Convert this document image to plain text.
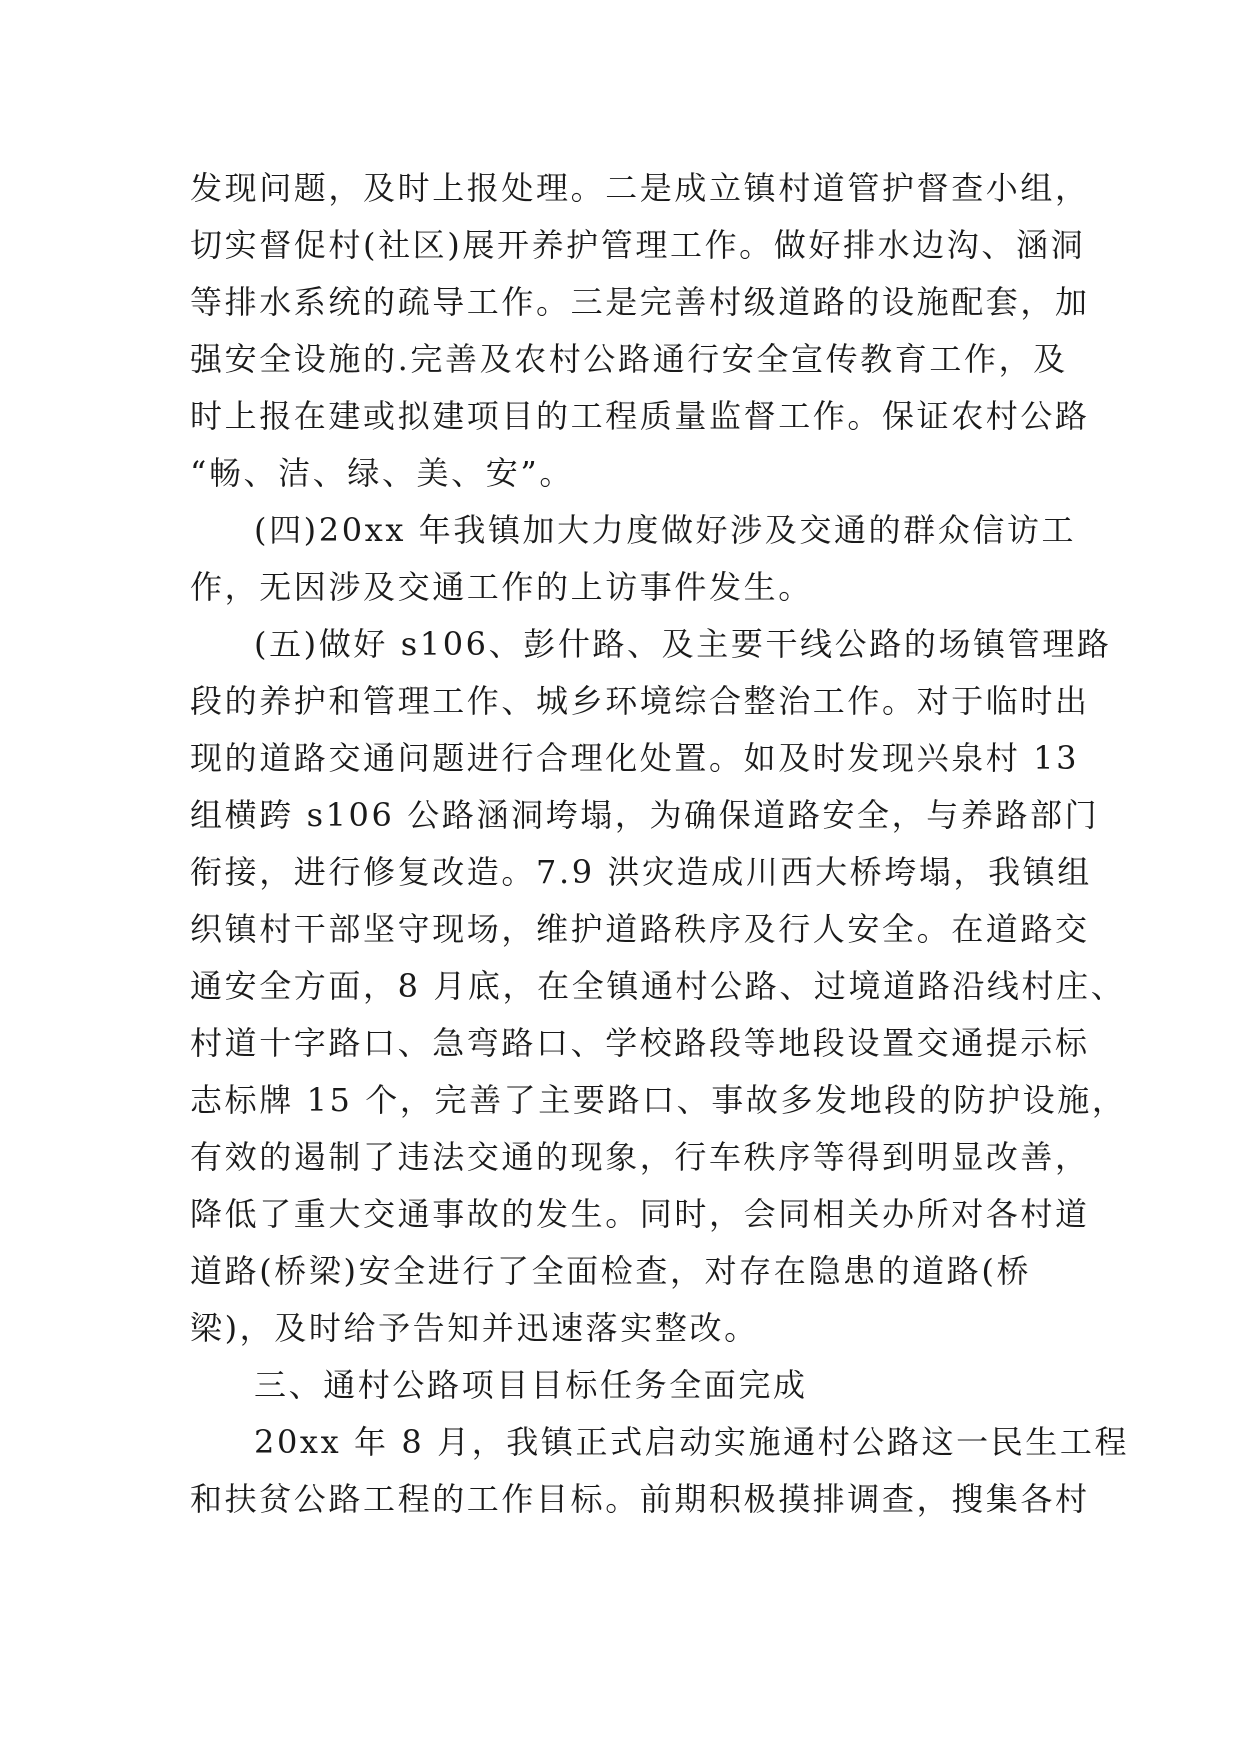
发现问题，及时上报处理。二是成立镇村道管护督查小组，
切实督促村(社区)展开养护管理工作。做好排水边沟、涵洞
等排水系统的疏导工作。三是完善村级道路的设施配套，加
强安全设施的.完善及农村公路通行安全宣传教育工作，及
时上报在建或拟建项目的工程质量监督工作。保证农村公路
“畅、洁、绿、美、安”。
(四)20xx 年我镇加大力度做好涉及交通的群众信访工
作，无因涉及交通工作的上访事件发生。
(五)做好 s106、彭什路、及主要干线公路的场镇管理路
段的养护和管理工作、城乡环境综合整治工作。对于临时出
现的道路交通问题进行合理化处置。如及时发现兴泉村 13
组横跨 s106 公路涵洞垮塌，为确保道路安全，与养路部门
衔接，进行修复改造。7.9 洪灾造成川西大桥垮塌，我镇组
织镇村干部坚守现场，维护道路秩序及行人安全。在道路交
通安全方面，8 月底，在全镇通村公路、过境道路沿线村庄、
村道十字路口、急弯路口、学校路段等地段设置交通提示标
志标牌 15 个，完善了主要路口、事故多发地段的防护设施，
有效的遏制了违法交通的现象，行车秩序等得到明显改善，
降低了重大交通事故的发生。同时，会同相关办所对各村道
道路(桥梁)安全进行了全面检查，对存在隐患的道路(桥
梁)，及时给予告知并迅速落实整改。
三、通村公路项目目标任务全面完成
20xx 年 8 月，我镇正式启动实施通村公路这一民生工程
和扶贫公路工程的工作目标。前期积极摸排调查，搜集各村
